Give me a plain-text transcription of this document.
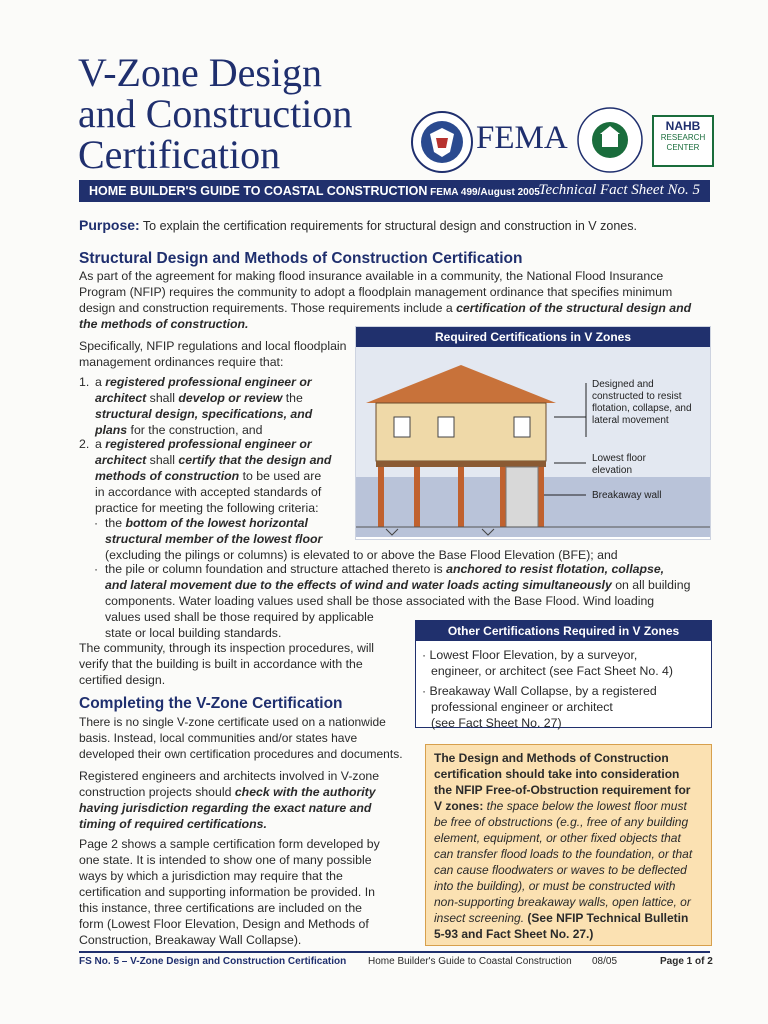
V-Zone Design
and Construction
Certification	FEMA	NAHB
RESEARCH
CENTER
HOME BUILDER'S GUIDE TO COASTAL CONSTRUCTION FEMA 499/August 2005
Technical Fact Sheet No. 5
Purpose: To explain the certification requirements for structural design and construction in V zones.
Structural Design and Methods of Construction Certification
As part of the agreement for making flood insurance available in a community, the National Flood Insurance
Program (NFIP) requires the community to adopt a floodplain management ordinance that specifies minimum
design and construction requirements. Those requirements include a certification of the structural design and
the methods of construction.
Specifically, NFIP regulations and local floodplain
management ordinances require that:
1. a registered professional engineer or
architect shall develop or review the
structural design, specifications, and
plans for the construction, and
2. a registered professional engineer or
architect shall certify that the design and
methods of construction to be used are
in accordance with accepted standards of
practice for meeting the following criteria:
· the bottom of the lowest horizontal
structural member of the lowest floor
(excluding the pilings or columns) is elevated to or above the Base Flood Elevation (BFE); and
· the pile or column foundation and structure attached thereto is anchored to resist flotation, collapse,
and lateral movement due to the effects of wind and water loads acting simultaneously on all building
components. Water loading values used shall be those associated with the Base Flood. Wind loading
values used shall be those required by applicable
state or local building standards.
The community, through its inspection procedures, will
verify that the building is built in accordance with the
certified design.
Required Certifications in V Zones
Designed and
constructed to resist
flotation, collapse, and
lateral movement
Lowest floor
elevation
Breakaway wall
Other Certifications Required in V Zones
· Lowest Floor Elevation, by a surveyor,
engineer, or architect (see Fact Sheet No. 4)
· Breakaway Wall Collapse, by a registered
professional engineer or architect
(see Fact Sheet No. 27)
Completing the V-Zone Certification
There is no single V-zone certificate used on a nationwide
basis. Instead, local communities and/or states have
developed their own certification procedures and documents.
Registered engineers and architects involved in V-zone
construction projects should check with the authority
having jurisdiction regarding the exact nature and
timing of required certifications.
Page 2 shows a sample certification form developed by
one state. It is intended to show one of many possible
ways by which a jurisdiction may require that the
certification and supporting information be provided. In
this instance, three certifications are included on the
form (Lowest Floor Elevation, Design and Methods of
Construction, Breakaway Wall Collapse).
The Design and Methods of Construction
certification should take into consideration
the NFIP Free-of-Obstruction requirement for
V zones: the space below the lowest floor must
be free of obstructions (e.g., free of any building
element, equipment, or other fixed objects that
can transfer flood loads to the foundation, or that
can cause floodwaters or waves to be deflected
into the building), or must be constructed with
non-supporting breakaway walls, open lattice, or
insect screening. (See NFIP Technical Bulletin
5-93 and Fact Sheet No. 27.)
FS No. 5 – V-Zone Design and Construction Certification Home Builder's Guide to Coastal Construction 08/05	Page 1 of 2
